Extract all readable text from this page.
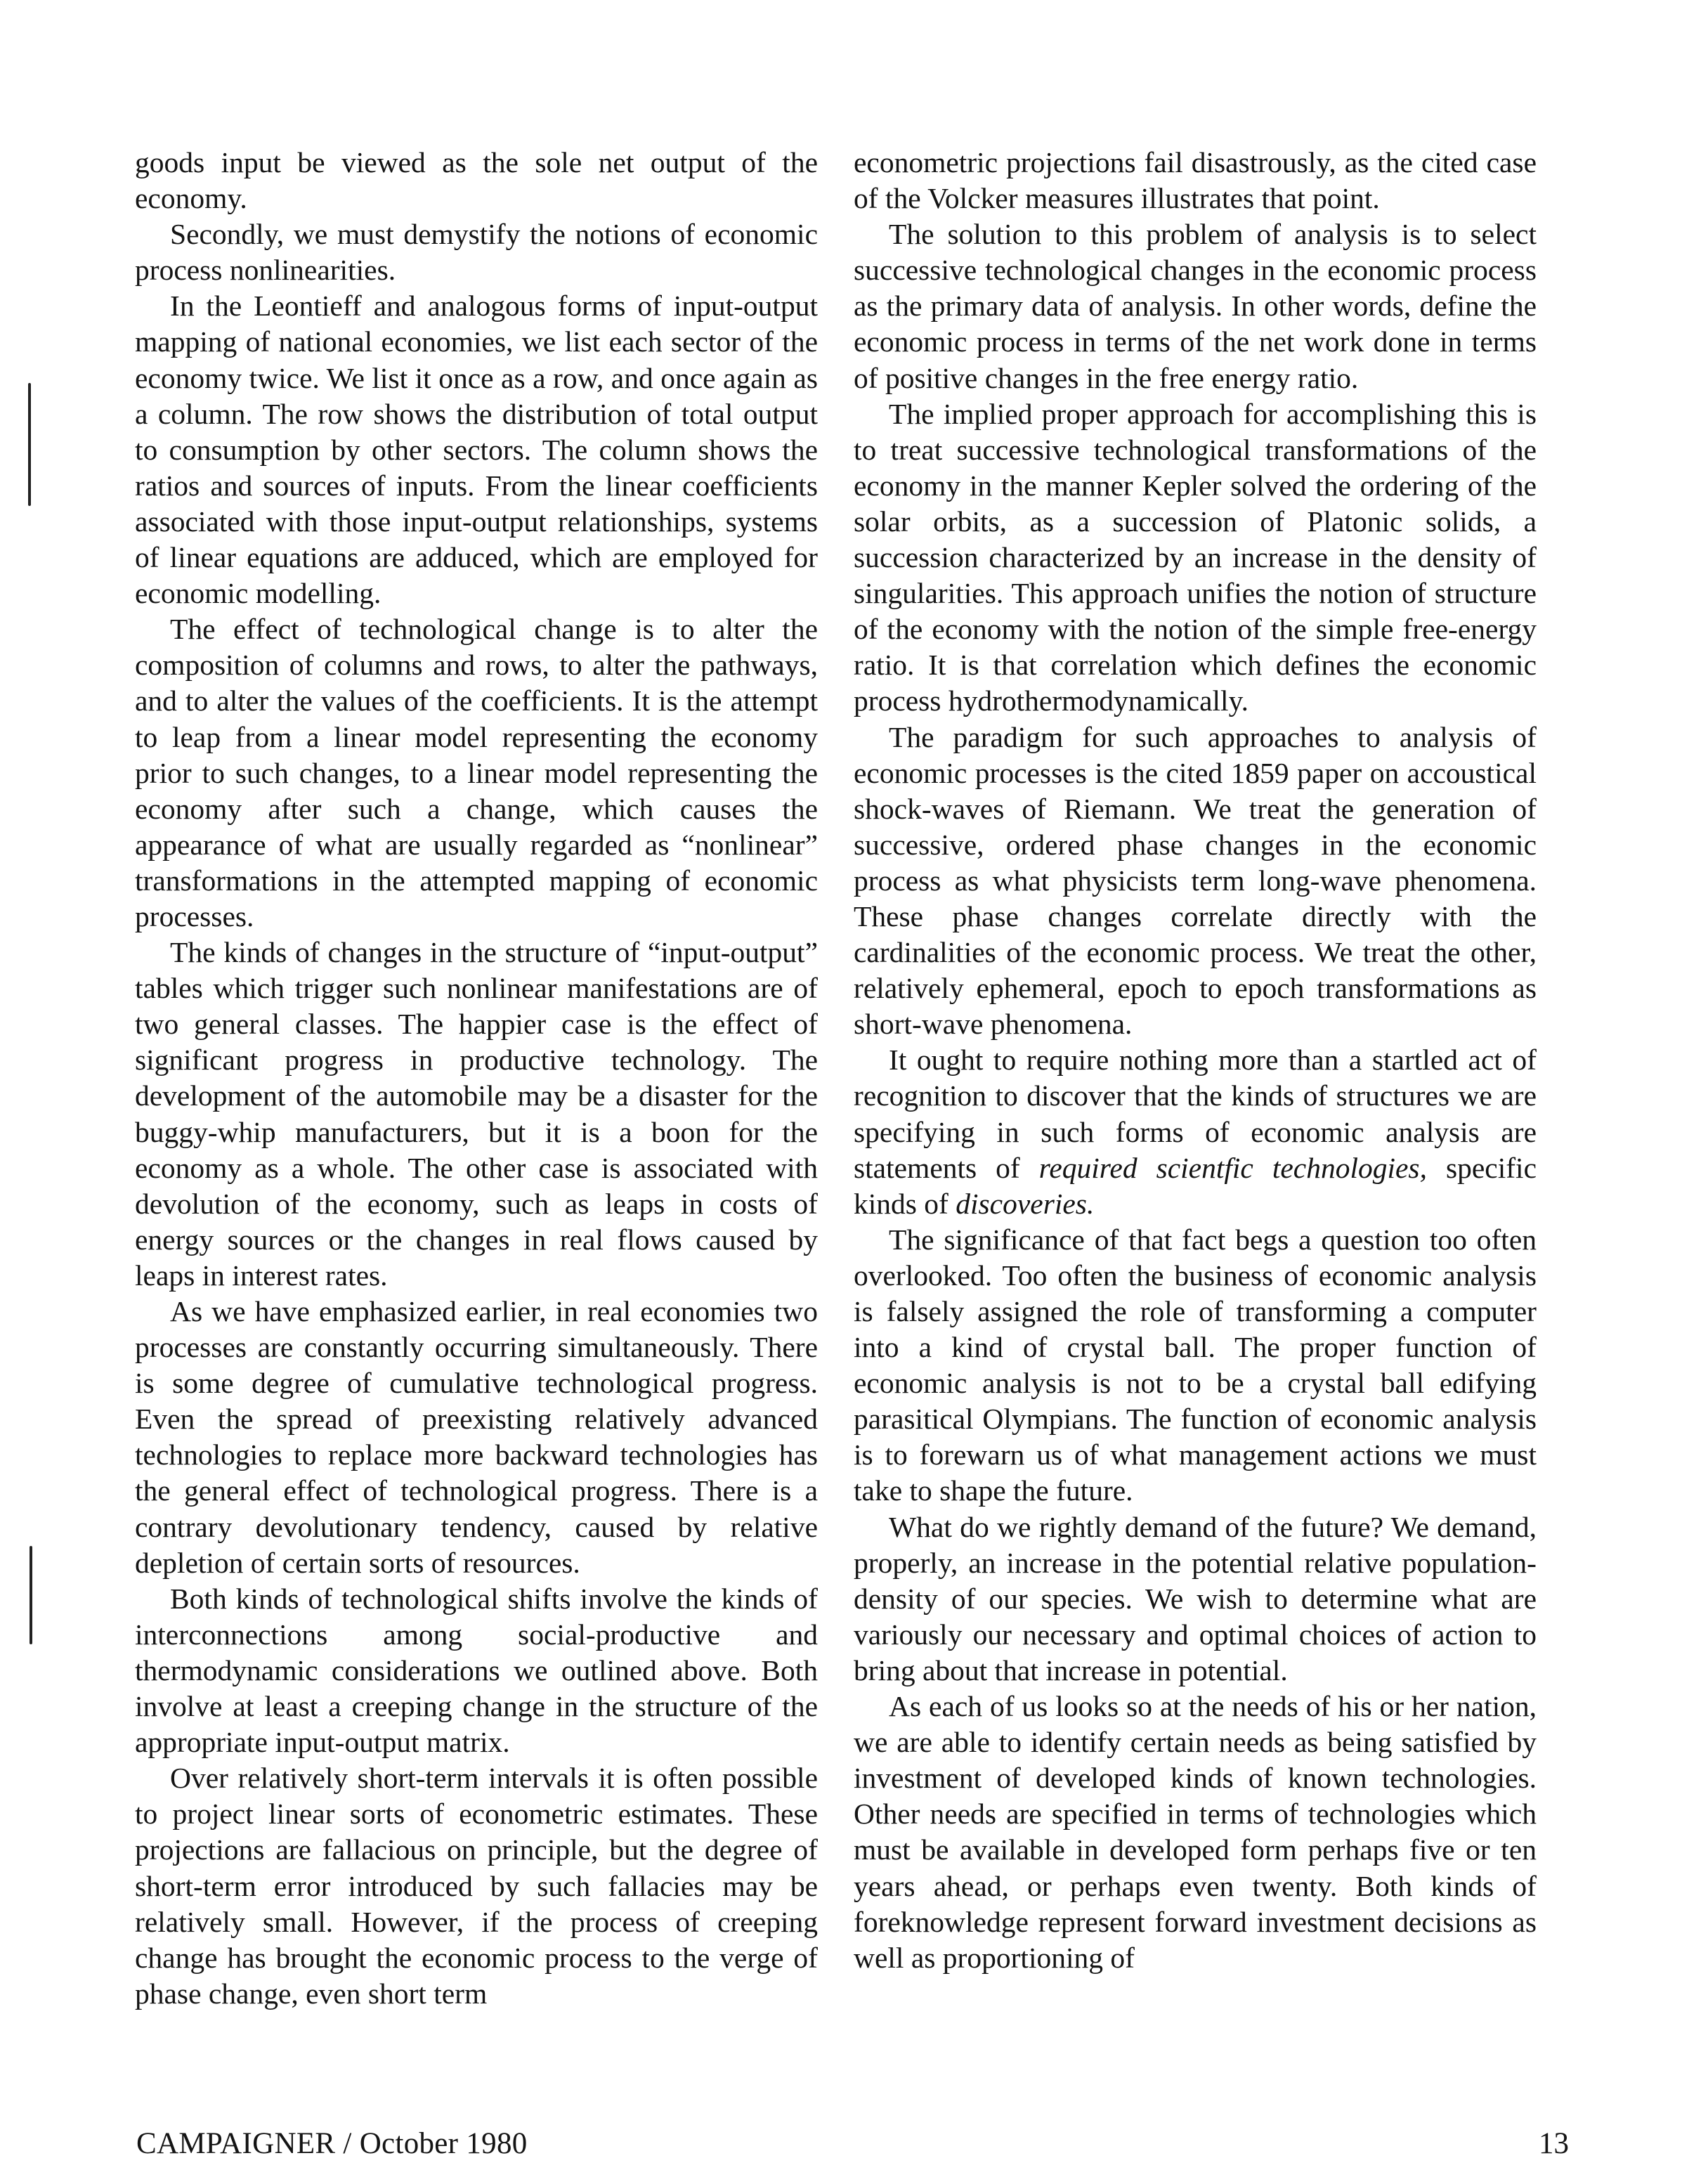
goods input be viewed as the sole net output of the economy.

Secondly, we must demystify the notions of economic process nonlinearities.

In the Leontieff and analogous forms of input-output mapping of national economies, we list each sector of the economy twice. We list it once as a row, and once again as a column. The row shows the distribution of total output to consumption by other sectors. The column shows the ratios and sources of inputs. From the linear coefficients associated with those input-output relationships, systems of linear equations are adduced, which are employed for economic modelling.

The effect of technological change is to alter the composition of columns and rows, to alter the pathways, and to alter the values of the coefficients. It is the attempt to leap from a linear model representing the economy prior to such changes, to a linear model representing the economy after such a change, which causes the appearance of what are usually regarded as “nonlinear” transformations in the attempted mapping of economic processes.

The kinds of changes in the structure of “input-output” tables which trigger such nonlinear manifestations are of two general classes. The happier case is the effect of significant progress in productive technology. The development of the automobile may be a disaster for the buggy-whip manufacturers, but it is a boon for the economy as a whole. The other case is associated with devolution of the economy, such as leaps in costs of energy sources or the changes in real flows caused by leaps in interest rates.

As we have emphasized earlier, in real economies two processes are constantly occurring simultaneously. There is some degree of cumulative technological progress. Even the spread of preexisting relatively advanced technologies to replace more backward technologies has the general effect of technological progress. There is a contrary devolutionary tendency, caused by relative depletion of certain sorts of resources.

Both kinds of technological shifts involve the kinds of interconnections among social-productive and thermodynamic considerations we outlined above. Both involve at least a creeping change in the structure of the appropriate input-output matrix.

Over relatively short-term intervals it is often possible to project linear sorts of econometric estimates. These projections are fallacious on principle, but the degree of short-term error introduced by such fallacies may be relatively small. However, if the process of creeping change has brought the economic process to the verge of phase change, even short term

econometric projections fail disastrously, as the cited case of the Volcker measures illustrates that point.

The solution to this problem of analysis is to select successive technological changes in the economic process as the primary data of analysis. In other words, define the economic process in terms of the net work done in terms of positive changes in the free energy ratio.

The implied proper approach for accomplishing this is to treat successive technological transformations of the economy in the manner Kepler solved the ordering of the solar orbits, as a succession of Platonic solids, a succession characterized by an increase in the density of singularities. This approach unifies the notion of structure of the economy with the notion of the simple free-energy ratio. It is that correlation which defines the economic process hydrothermodynamically.

The paradigm for such approaches to analysis of economic processes is the cited 1859 paper on accoustical shock-waves of Riemann. We treat the generation of successive, ordered phase changes in the economic process as what physicists term long-wave phenomena. These phase changes correlate directly with the cardinalities of the economic process. We treat the other, relatively ephemeral, epoch to epoch transformations as short-wave phenomena.

It ought to require nothing more than a startled act of recognition to discover that the kinds of structures we are specifying in such forms of economic analysis are statements of required scientfic technologies, specific kinds of discoveries.

The significance of that fact begs a question too often overlooked. Too often the business of economic analysis is falsely assigned the role of transforming a computer into a kind of crystal ball. The proper function of economic analysis is not to be a crystal ball edifying parasitical Olympians. The function of economic analysis is to forewarn us of what management actions we must take to shape the future.

What do we rightly demand of the future? We demand, properly, an increase in the potential relative population-density of our species. We wish to determine what are variously our necessary and optimal choices of action to bring about that increase in potential.

As each of us looks so at the needs of his or her nation, we are able to identify certain needs as being satisfied by investment of developed kinds of known technologies. Other needs are specified in terms of technologies which must be available in developed form perhaps five or ten years ahead, or perhaps even twenty. Both kinds of foreknowledge represent forward investment decisions as well as proportioning of

CAMPAIGNER / October 1980	13
